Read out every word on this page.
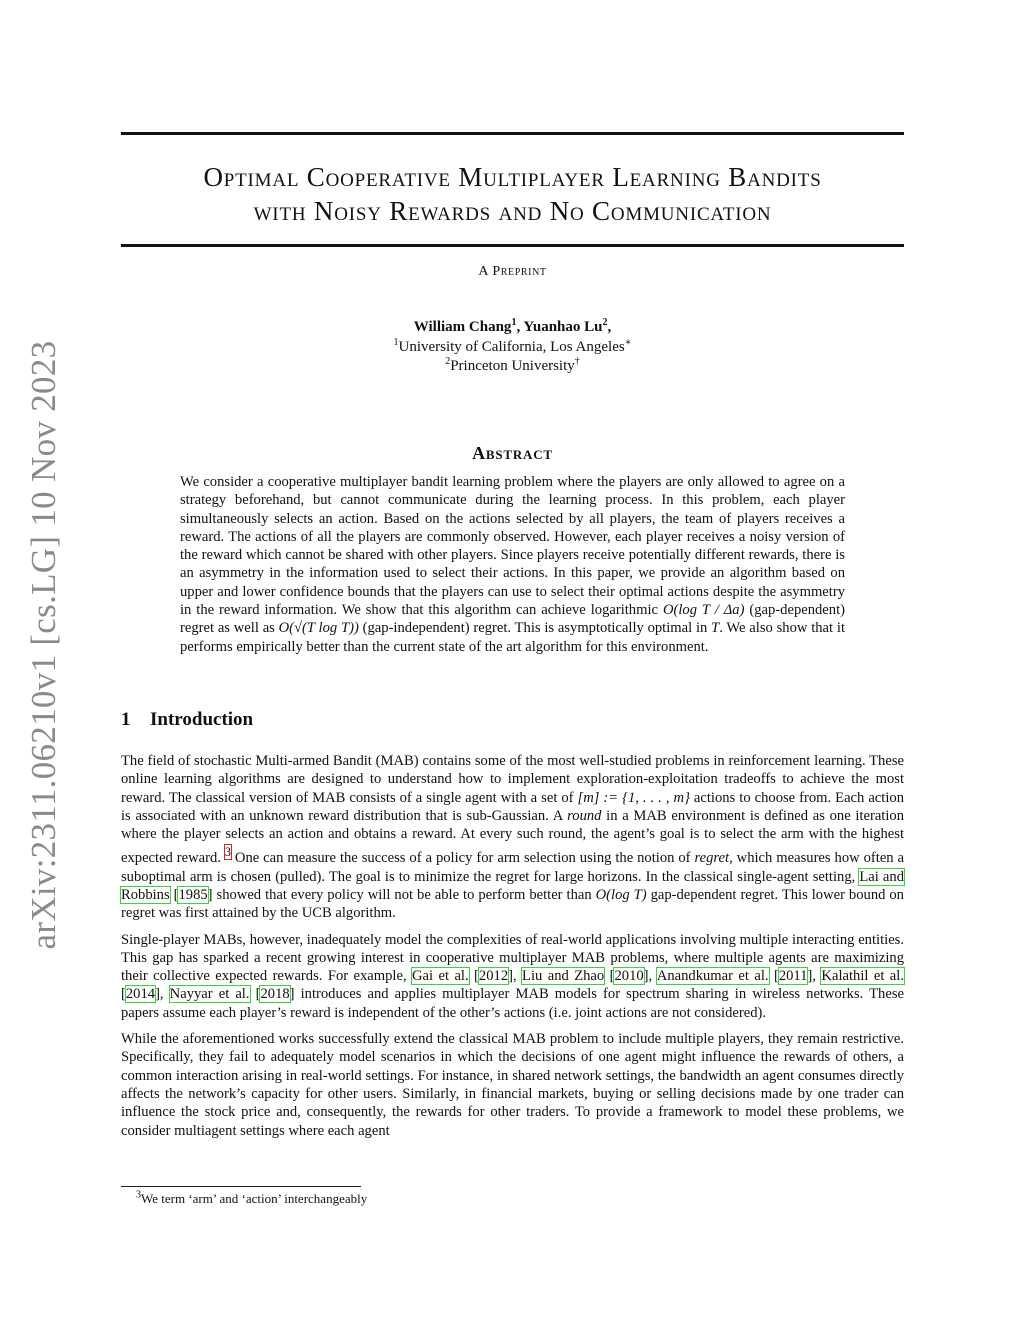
arXiv:2311.06210v1 [cs.LG] 10 Nov 2023
Optimal Cooperative Multiplayer Learning Bandits
with Noisy Rewards and No Communication
A Preprint
William Chang$^1$, Yuanhao Lu$^2$,
$^1$University of California, Los Angeles∗
$^2$Princeton University†
Abstract

We consider a cooperative multiplayer bandit learning problem where the players are only allowed to agree on a strategy beforehand, but cannot communicate during the learning process. In this problem, each player simultaneously selects an action. Based on the actions selected by all players, the team of players receives a reward. The actions of all the players are commonly observed. However, each player receives a noisy version of the reward which cannot be shared with other players. Since players receive potentially different rewards, there is an asymmetry in the information used to select their actions. In this paper, we provide an algorithm based on upper and lower confidence bounds that the players can use to select their optimal actions despite the asymmetry in the reward information. We show that this algorithm can achieve logarithmic O(log T / Δa) (gap-dependent) regret as well as O(√(T log T)) (gap-independent) regret. This is asymptotically optimal in T. We also show that it performs empirically better than the current state of the art algorithm for this environment.

1 Introduction

The field of stochastic Multi-armed Bandit (MAB) contains some of the most well-studied problems in reinforcement learning. These online learning algorithms are designed to understand how to implement exploration-exploitation tradeoffs to achieve the most reward. The classical version of MAB consists of a single agent with a set of [m] := {1, . . . , m} actions to choose from. Each action is associated with an unknown reward distribution that is sub-Gaussian. A round in a MAB environment is defined as one iteration where the player selects an action and obtains a reward. At every such round, the agent’s goal is to select the arm with the highest expected reward. $^3$ One can measure the success of a policy for arm selection using the notion of regret, which measures how often a suboptimal arm is chosen (pulled). The goal is to minimize the regret for large horizons. In the classical single-agent setting, Lai and Robbins [1985] showed that every policy will not be able to perform better than O(log T) gap-dependent regret. This lower bound on regret was first attained by the UCB algorithm.

Single-player MABs, however, inadequately model the complexities of real-world applications involving multiple interacting entities. This gap has sparked a recent growing interest in cooperative multiplayer MAB problems, where multiple agents are maximizing their collective expected rewards. For example, Gai et al. [2012], Liu and Zhao [2010], Anandkumar et al. [2011], Kalathil et al. [2014], Nayyar et al. [2018] introduces and applies multiplayer MAB models for spectrum sharing in wireless networks. These papers assume each player’s reward is independent of the other’s actions (i.e. joint actions are not considered).

While the aforementioned works successfully extend the classical MAB problem to include multiple players, they remain restrictive. Specifically, they fail to adequately model scenarios in which the decisions of one agent might influence the rewards of others, a common interaction arising in real-world settings. For instance, in shared network settings, the bandwidth an agent consumes directly affects the network’s capacity for other users. Similarly, in financial markets, buying or selling decisions made by one trader can influence the stock price and, consequently, the rewards for other traders. To provide a framework to model these problems, we consider multiagent settings where each agent

$^3$We term ‘arm’ and ‘action’ interchangeably
